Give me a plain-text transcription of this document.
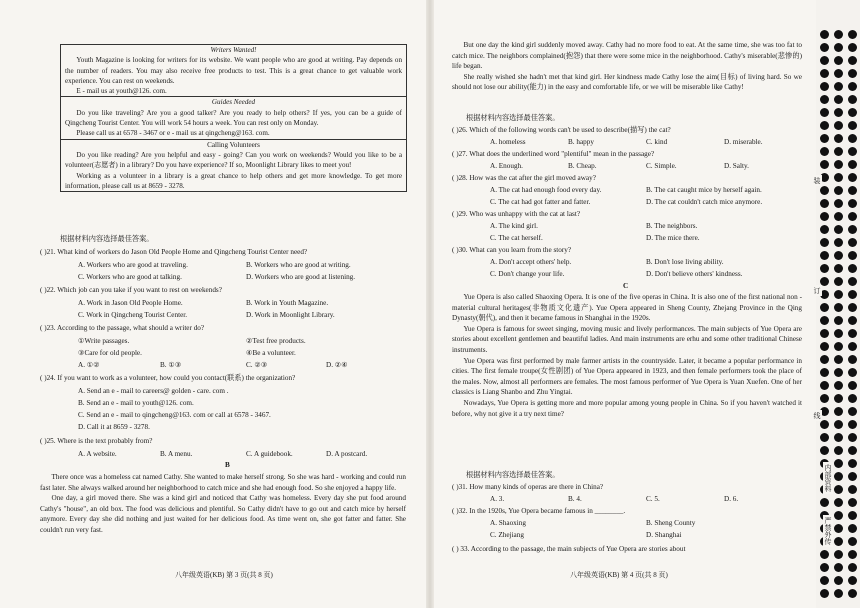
Writers Wanted!

Youth Magazine is looking for writers for its website. We want people who are good at writing. Pay depends on the number of readers. You may also receive free products to test. This is a great chance to get valuable work experience. You can rest on weekends.

E - mail us at youth@126. com.

Guides Needed

Do you like traveling? Are you a good talker? Are you ready to help others? If yes, you can be a guide of Qingcheng Tourist Center. You will work 54 hours a week. You can rest only on Monday.

Please call us at 6578 - 3467 or e - mail us at qingcheng@163. com.

Calling Volunteers

Do you like reading? Are you helpful and easy - going? Can you work on weekends? Would you like to be a volunteer(志愿者) in a library? Do you have experience? If so, Moonlight Library likes to meet you!

Working as a volunteer in a library is a great chance to help others and get more knowledge. To get more information, please call us at 8659 - 3278.

根据材料内容选择最佳答案。
( )21. What kind of workers do Jason Old People Home and Qingcheng Tourist Center need?
A. Workers who are good at traveling.	B. Workers who are good at writing.
C. Workers who are good at talking.	D. Workers who are good at listening.
( )22. Which job can you take if you want to rest on weekends?
A. Work in Jason Old People Home.	B. Work in Youth Magazine.
C. Work in Qingcheng Tourist Center.	D. Work in Moonlight Library.
( )23. According to the passage, what should a writer do?
①Write passages.	②Test free products.
③Care for old people.	④Be a volunteer.
A. ①②	B. ①③	C. ②③	D. ②④
( )24. If you want to work as a volunteer, how could you contact(联系) the organization?
A. Send an e - mail to careers@ golden - care. com .
B. Send an e - mail to youth@126. com.
C. Send an e - mail to qingcheng@163. com or call at 6578 - 3467.
D. Call it at 8659 - 3278.
( )25. Where is the text probably from?
A. A website.	B. A menu.	C. A guidebook.	D. A postcard.
B

There once was a homeless cat named Cathy. She wanted to make herself strong. So she was hard - working and could run fast later. She always walked around her neighborhood to catch mice and she had enough food. So she enjoyed a happy life.

One day, a girl moved there. She was a kind girl and noticed that Cathy was homeless. Every day she put food around Cathy's "house", an old box. The food was delicious and plentiful. So Cathy didn't have to go out and catch mice by herself anymore. Every day she did nothing and just waited for her delicious food. As time went on, she got fatter and fatter. She couldn't run very fast.

八年级英语(KB) 第 3 页(共 8 页)

But one day the kind girl suddenly moved away. Cathy had no more food to eat. At the same time, she was too fat to catch mice. The neighbors complained(抱怨) that there were some mice in the neighborhood. Cathy's miserable(悲惨的) life began.

She really wished she hadn't met that kind girl. Her kindness made Cathy lose the aim(目标) of living hard. So we should not lose our ability(能力) in the easy and comfortable life, or we will be miserable like Cathy!

根据材料内容选择最佳答案。
( )26. Which of the following words can't be used to describe(描写) the cat?
A. homeless	B. happy	C. kind	D. miserable.
( )27. What does the underlined word "plentiful" mean in the passage?
A. Enough.	B. Cheap.	C. Simple.	D. Salty.
( )28. How was the cat after the girl moved away?
A. The cat had enough food every day.	B. The cat caught mice by herself again.
C. The cat had got fatter and fatter.	D. The cat couldn't catch mice anymore.
( )29. Who was unhappy with the cat at last?
A. The kind girl.	B. The neighbors.
C. The cat herself.	D. The mice there.
( )30. What can you learn from the story?
A. Don't accept others' help.	B. Don't lose living ability.
C. Don't change your life.	D. Don't believe others' kindness.
C

Yue Opera is also called Shaoxing Opera. It is one of the five operas in China. It is also one of the first national non - material cultural heritages(非物质文化遗产). Yue Opera appeared in Sheng County, Zhejang Province in the Qing Dynasty(朝代), and then it became famous in Shanghai in the 1920s.

Yue Opera is famous for sweet singing, moving music and lively performances. The main subjects of Yue Opera are stories about excellent gentlemen and beautiful ladies. And main instruments are erhu and some other traditional Chinese instruments.

Yue Opera was first performed by male farmer artists in the countryside. Later, it became a popular performance in cities. The first female troupe(女性剧团) of Yue Opera appeared in 1923, and then female performers took the place of the males. Now, almost all performers are females. The most famous performer of Yue Opera is Yuan Xuefen. One of her classics is Liang Shanbo and Zhu Yingtai.

Nowadays, Yue Opera is getting more and more popular among young people in China. So if you haven't watched it before, why not give it a try next time?

根据材料内容选择最佳答案。
( )31. How many kinds of operas are there in China?
A. 3.	B. 4.	C. 5.	D. 6.
( )32. In the 1920s, Yue Opera became famous in ________.
A. Shaoxing	B. Sheng County
C. Zhejiang	D. Shanghai
( ) 33. According to the passage, the main subjects of Yue Opera are stories about
八年级英语(KB) 第 4 页(共 8 页)
装
订
线
内部资料
严禁外传
